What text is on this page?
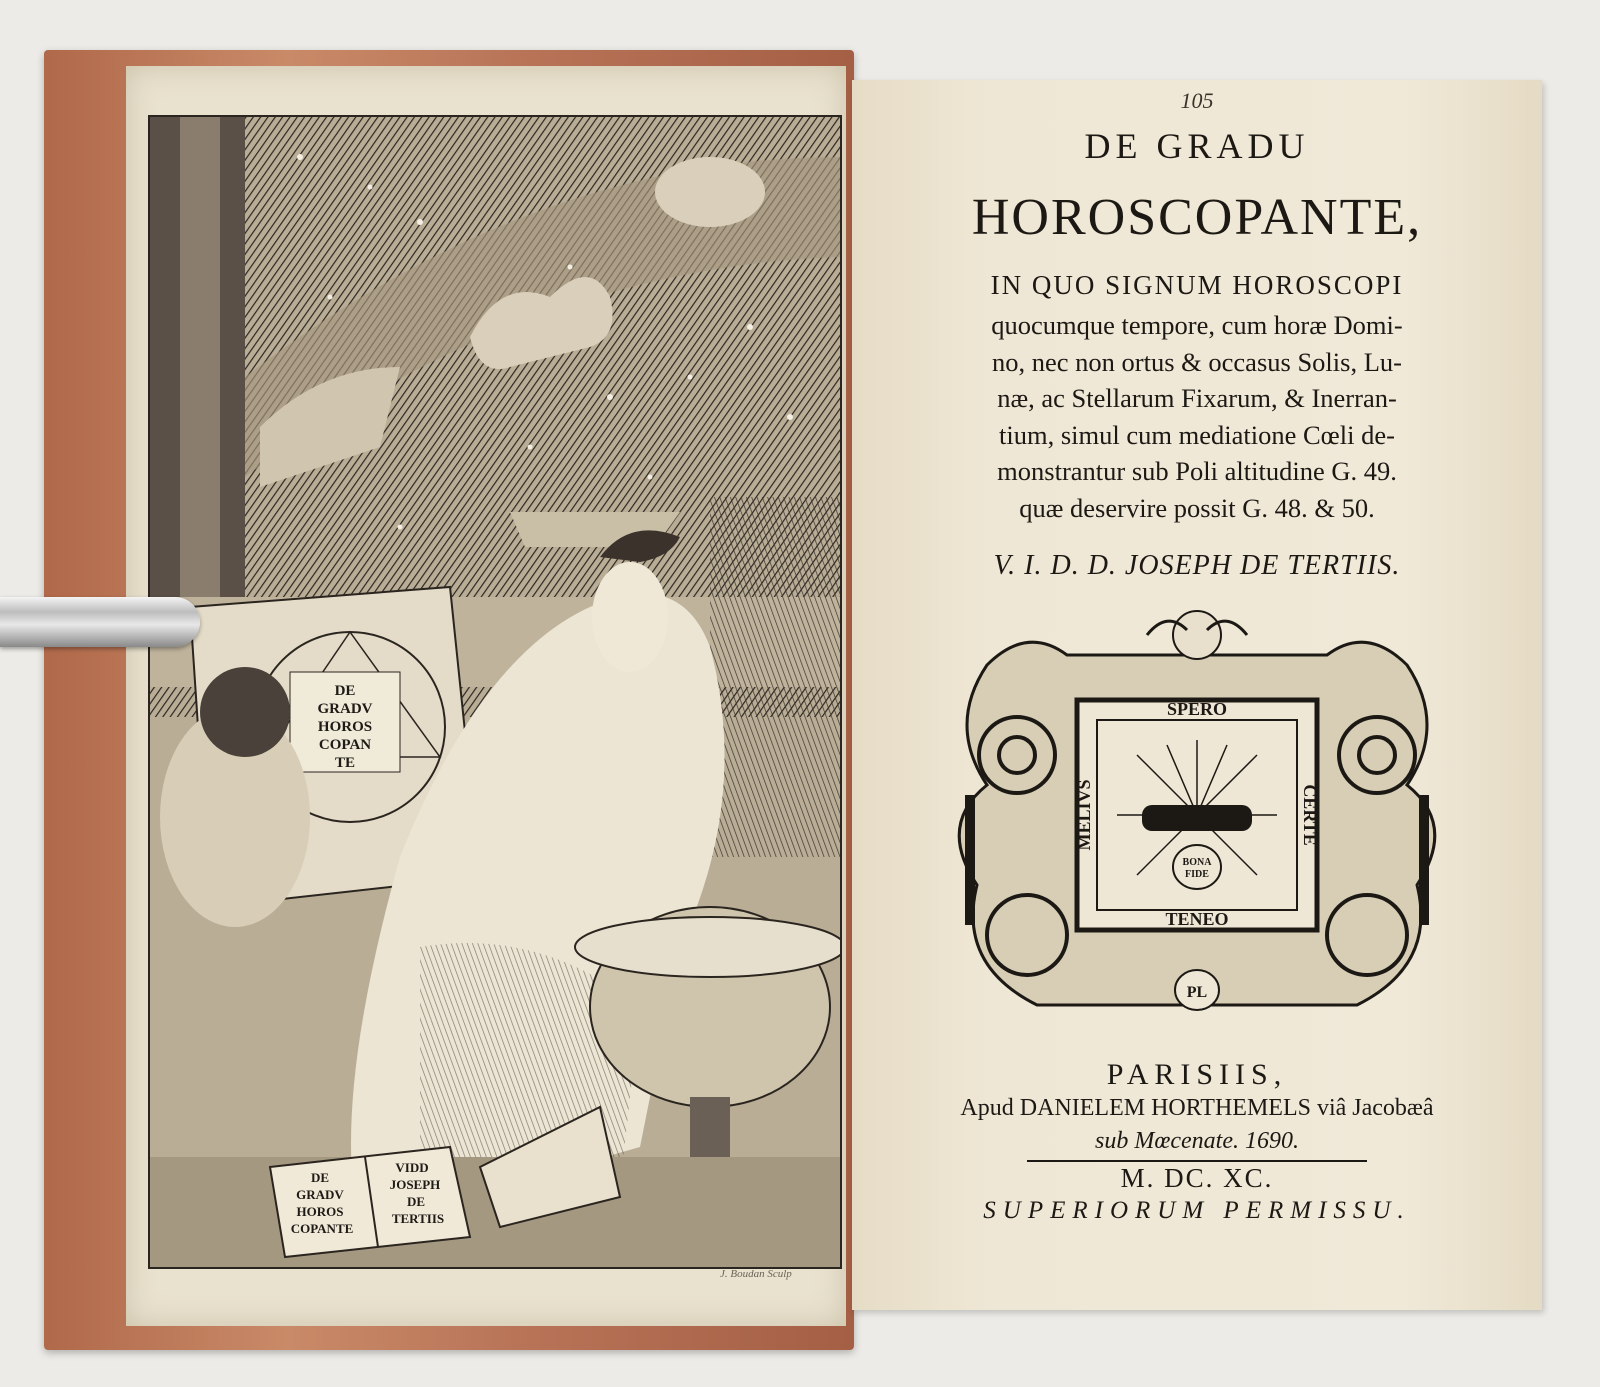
DE
GRADV
HOROS
COPAN
TE
DE
GRADV
HOROS
COPANTE
VIDD
JOSEPH
DE
TERTIIS
J. Boudan Sculp
105
DE GRADU
HOROSCOPANTE,
IN QUO SIGNUM HOROSCOPI
quocumque tempore, cum horæ Domi-
no, nec non ortus & occasus Solis, Lu-
næ, ac Stellarum Fixarum, & Inerran-
tium, simul cum mediatione Cœli de-
monstrantur sub Poli altitudine G. 49.
quæ deservire possit G. 48. & 50.
V. I. D. D. JOSEPH DE TERTIIS.
BONA
FIDE
SPERO
TENEO
MELIVS	CERTE
PL
PARISIIS,
Apud DANIELEM HORTHEMELS viâ Jacobæâ
sub Mœcenate. 1690.
M. DC. XC.
SUPERIORUM PERMISSU.
